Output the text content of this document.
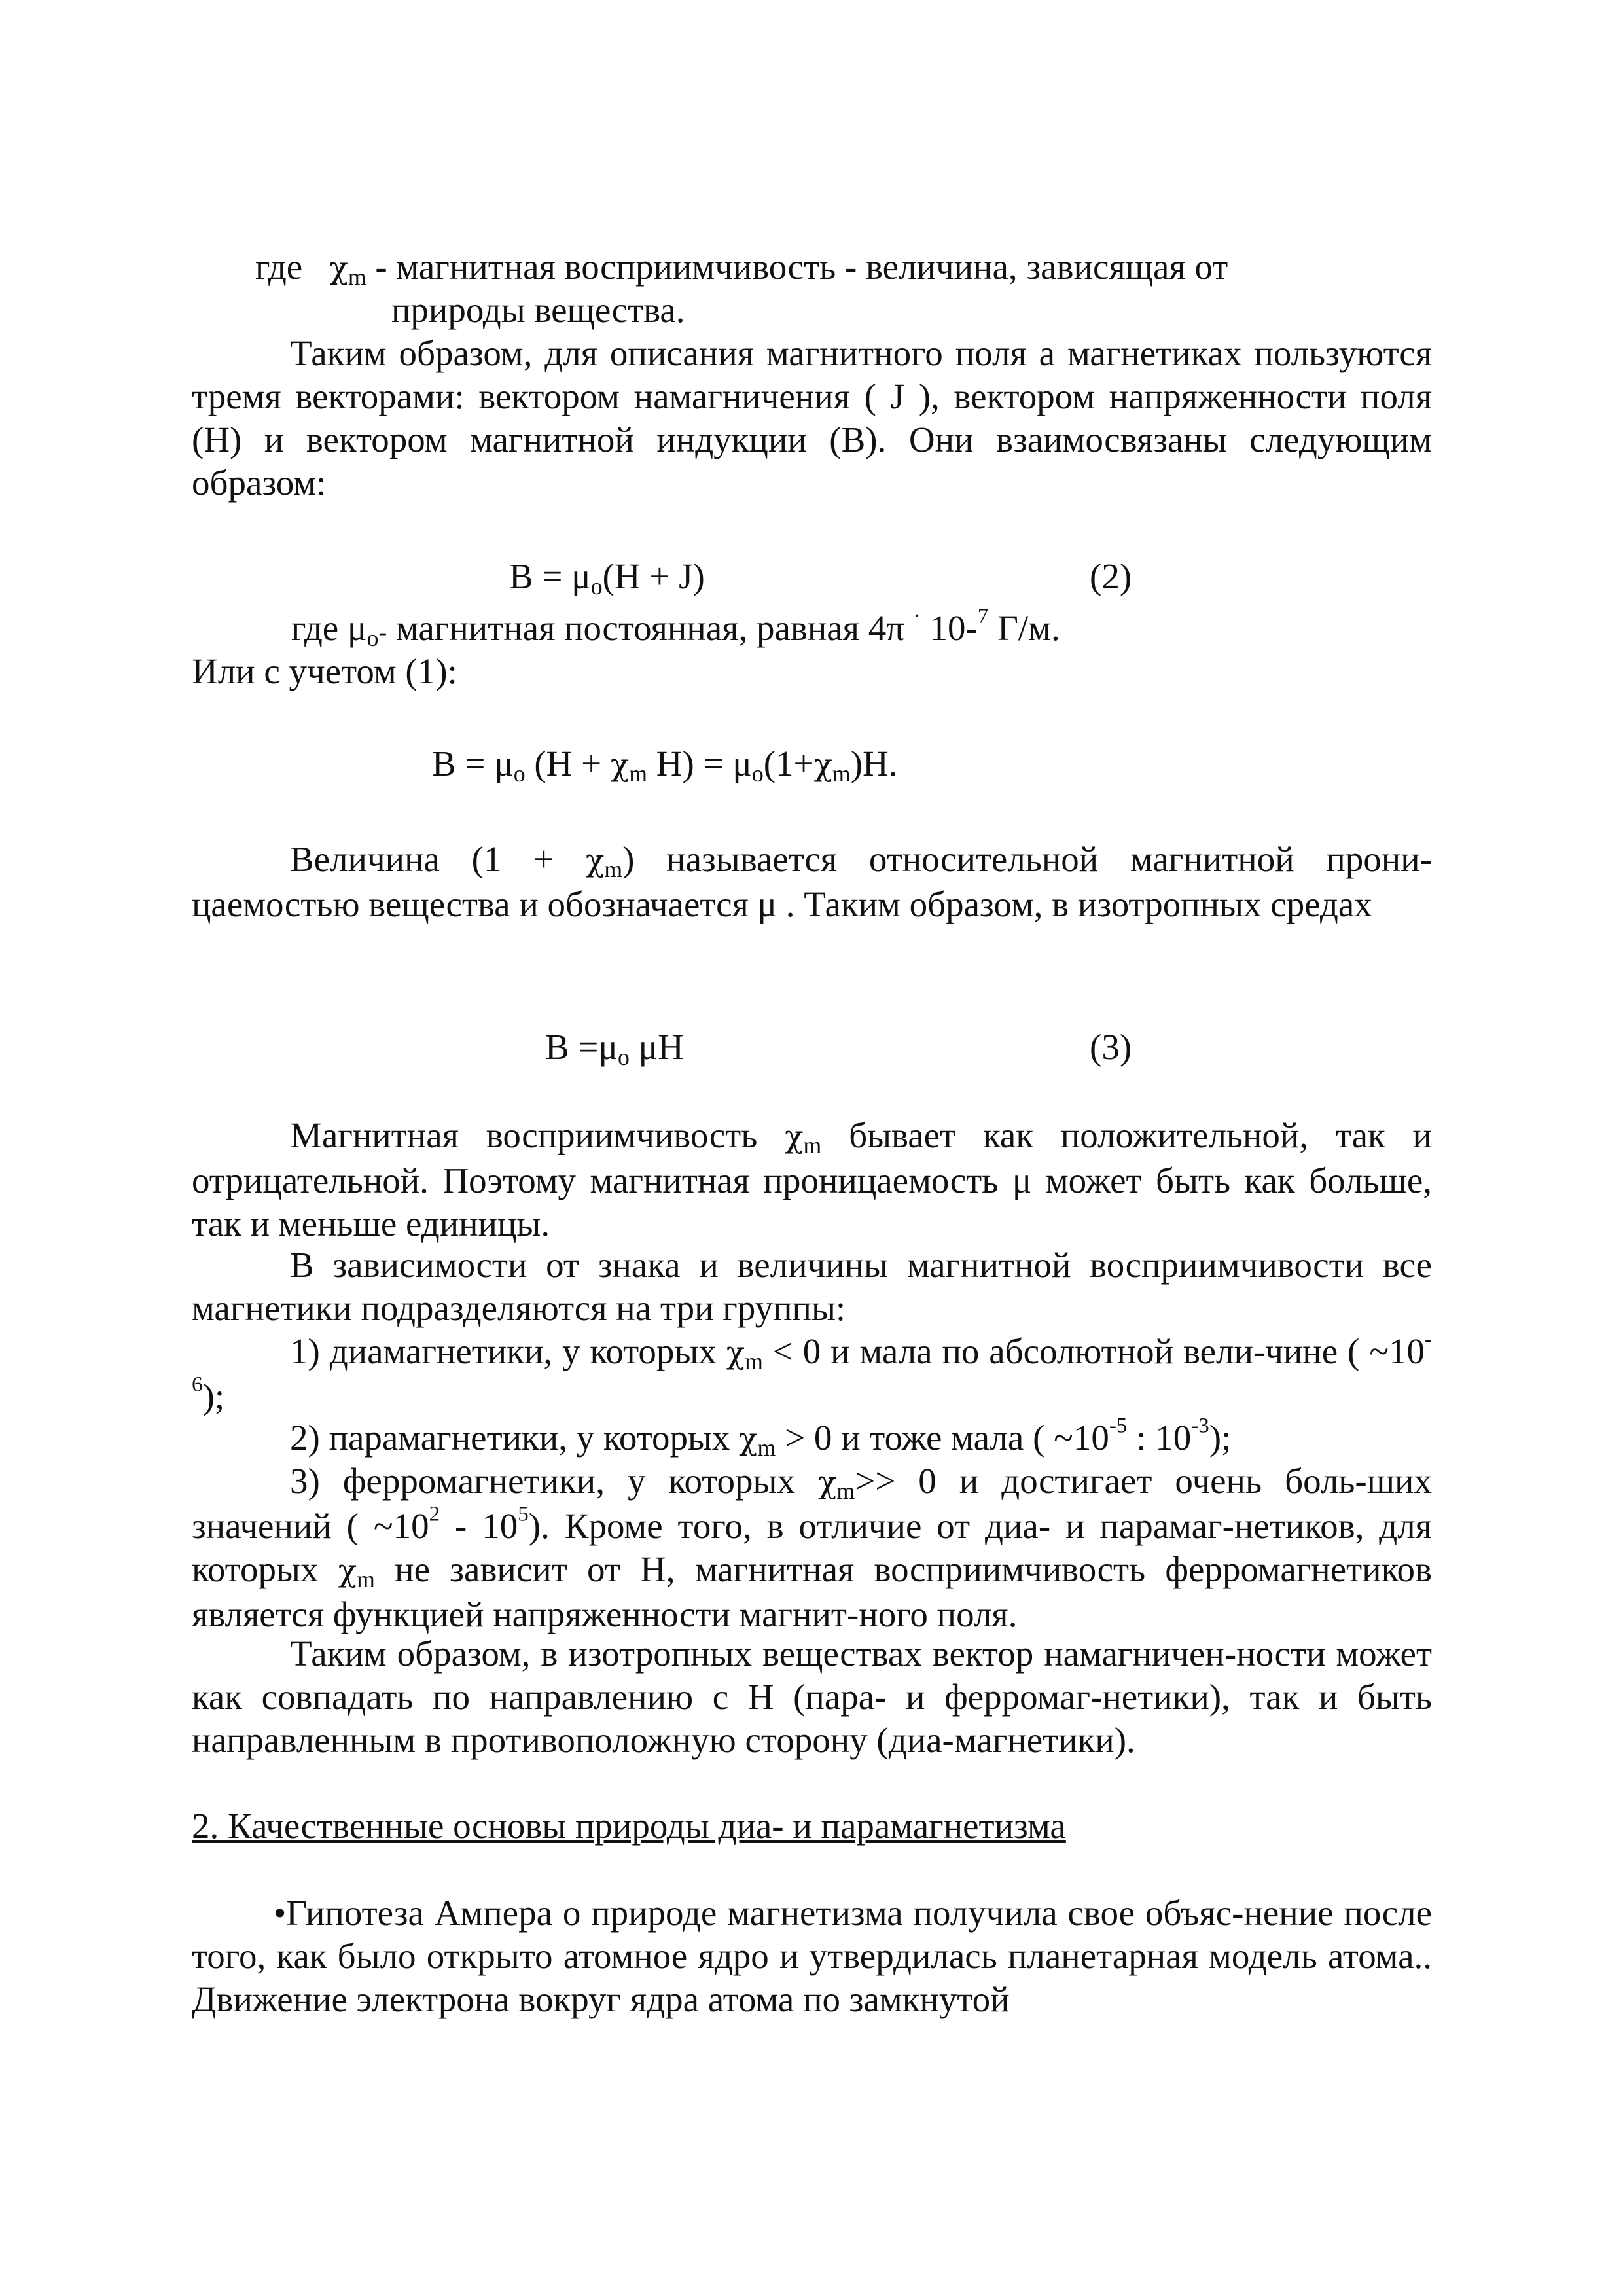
где $\chi_m$ - магнитная восприимчивость - величина, зависящая от
природы вещества.
Таким образом, для описания магнитного поля а магнетиках пользуются тремя векторами: вектором намагничения ( J ), вектором напряженности поля (H) и вектором магнитной индукции (B). Они взаимосвязаны следующим образом:
$B = \mu_o(H + J)$	(2)
где $\mu_o-$ магнитная постоянная, равная 4π · 10-$^7$ Г/м.
Или с учетом (1):
$B = \mu_o$ ($H + \chi_m$ $H) = \mu_o(1+\chi_m)H$.
Величина $(1 + \chi_m)$ называется относительной магнитной прони-цаемостью вещества и обозначается μ . Таким образом, в изотропных средах
$B =\mu_o$ μH	(3)
Магнитная восприимчивость $\chi_m$ бывает как положительной, так и отрицательной. Поэтому магнитная проницаемость μ может быть как больше, так и меньше единицы.
В зависимости от знака и величины магнитной восприимчивости все магнетики подразделяются на три группы:
1) диамагнетики, у которых $\chi_m < 0$ и мала по абсолютной вели-чине ( $\sim 10^{-6}$);
2) парамагнетики, у которых $\chi_m > 0$ и тоже мала ( $\sim 10^{-5}$ : $10^{-3}$);
3) ферромагнетики, у которых $\chi_m>> 0$ и достигает очень боль-ших значений ( $\sim 10^2 - 10^5$). Кроме того, в отличие от диа- и парамаг-нетиков, для которых $\chi_m$ не зависит от H, магнитная восприимчивость ферромагнетиков является функцией напряженности магнит-ного поля.
Таким образом, в изотропных веществах вектор намагничен-ности может как совпадать по направлению с H (пара- и ферромаг-нетики), так и быть направленным в противоположную сторону (диа-магнетики).
2. Качественные основы природы диа- и парамагнетизма
•Гипотеза Ампера о природе магнетизма получила свое объяс-нение после того, как было открыто атомное ядро и утвердилась планетарная модель атома.. Движение электрона вокруг ядра атома по замкнутой
